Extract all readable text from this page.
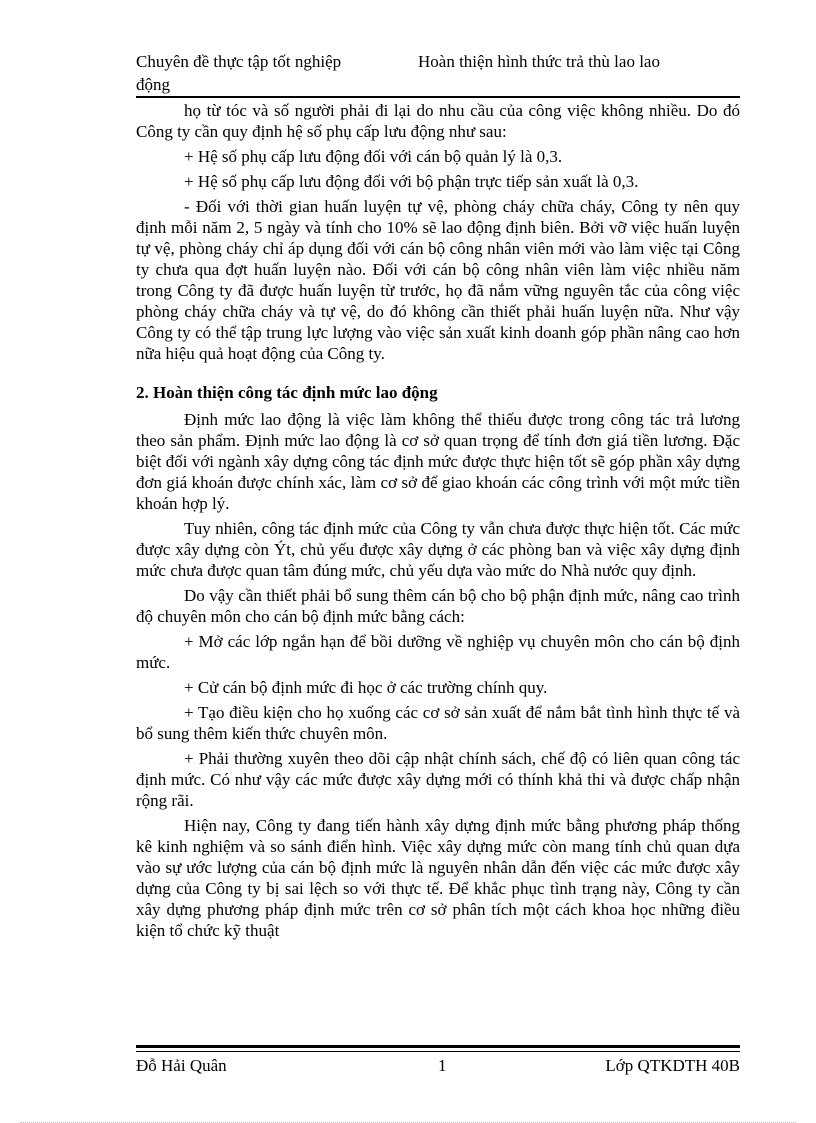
Chuyên đề thực tập tốt nghiệp	Hoàn thiện hình thức trả thù lao lao
động

họ từ tóc và số người phải đi lại do nhu cầu của công việc không nhiều. Do đó Công ty cần quy định hệ số phụ cấp lưu động như sau:

+ Hệ số phụ cấp lưu động đối với cán bộ quản lý là 0,3.

+ Hệ số phụ cấp lưu động đối với bộ phận trực tiếp sản xuất là 0,3.

- Đối với thời gian huấn luyện tự vệ, phòng cháy chữa cháy, Công ty nên quy định mỗi năm 2, 5 ngày và tính cho 10% sẽ lao động định biên. Bởi vỡ việc huấn luyện tự vệ, phòng cháy chỉ áp dụng đối với cán bộ công nhân viên mới vào làm việc tại Công ty chưa qua đợt huấn luyện nào. Đối với cán bộ công nhân viên làm việc nhiều năm trong Công ty đã được huấn luyện từ trước, họ đã nắm vững nguyên tắc của công việc phòng cháy chữa cháy và tự vệ, do đó không cần thiết phải huấn luyện nữa. Như vậy Công ty có thể tập trung lực lượng vào việc sản xuất kinh doanh góp phần nâng cao hơn nữa hiệu quả hoạt động của Công ty.

2. Hoàn thiện công tác định mức lao động

Định mức lao động là việc làm không thể thiếu được trong công tác trả lương theo sản phẩm. Định mức lao động là cơ sở quan trọng để tính đơn giá tiền lương. Đặc biệt đối với ngành xây dựng công tác định mức được thực hiện tốt sẽ góp phần xây dựng đơn giá khoán được chính xác, làm cơ sở để giao khoán các công trình với một mức tiền khoán hợp lý.

Tuy nhiên, công tác định mức của Công ty vẫn chưa được thực hiện tốt. Các mức được xây dựng còn Ýt, chủ yếu được xây dựng ở các phòng ban và việc xây dựng định mức chưa được quan tâm đúng mức, chủ yếu dựa vào mức do Nhà nước quy định.

Do vậy cần thiết phải bổ sung thêm cán bộ cho bộ phận định mức, nâng cao trình độ chuyên môn cho cán bộ định mức bằng cách:

+ Mở các lớp ngắn hạn để bồi dưỡng về nghiệp vụ chuyên môn cho cán bộ định mức.

+ Cử cán bộ định mức đi học ở các trường chính quy.

+ Tạo điều kiện cho họ xuống các cơ sở sản xuất để nắm bắt tình hình thực tế và bổ sung thêm kiến thức chuyên môn.

+ Phải thường xuyên theo dõi cập nhật chính sách, chế độ có liên quan công tác định mức. Có như vậy các mức được xây dựng mới có thính khả thi và được chấp nhận rộng rãi.

Hiện nay, Công ty đang tiến hành xây dựng định mức bằng phương pháp thống kê kinh nghiệm và so sánh điển hình. Việc xây dựng mức còn mang tính chủ quan dựa vào sự ước lượng của cán bộ định mức là nguyên nhân dẫn đến việc các mức được xây dựng của Công ty bị sai lệch so với thực tế. Để khắc phục tình trạng này, Công ty cần xây dựng phương pháp định mức trên cơ sở phân tích một cách khoa học những điều kiện tổ chức kỹ thuật

Đỗ Hải Quân	1	Lớp QTKDTH 40B
